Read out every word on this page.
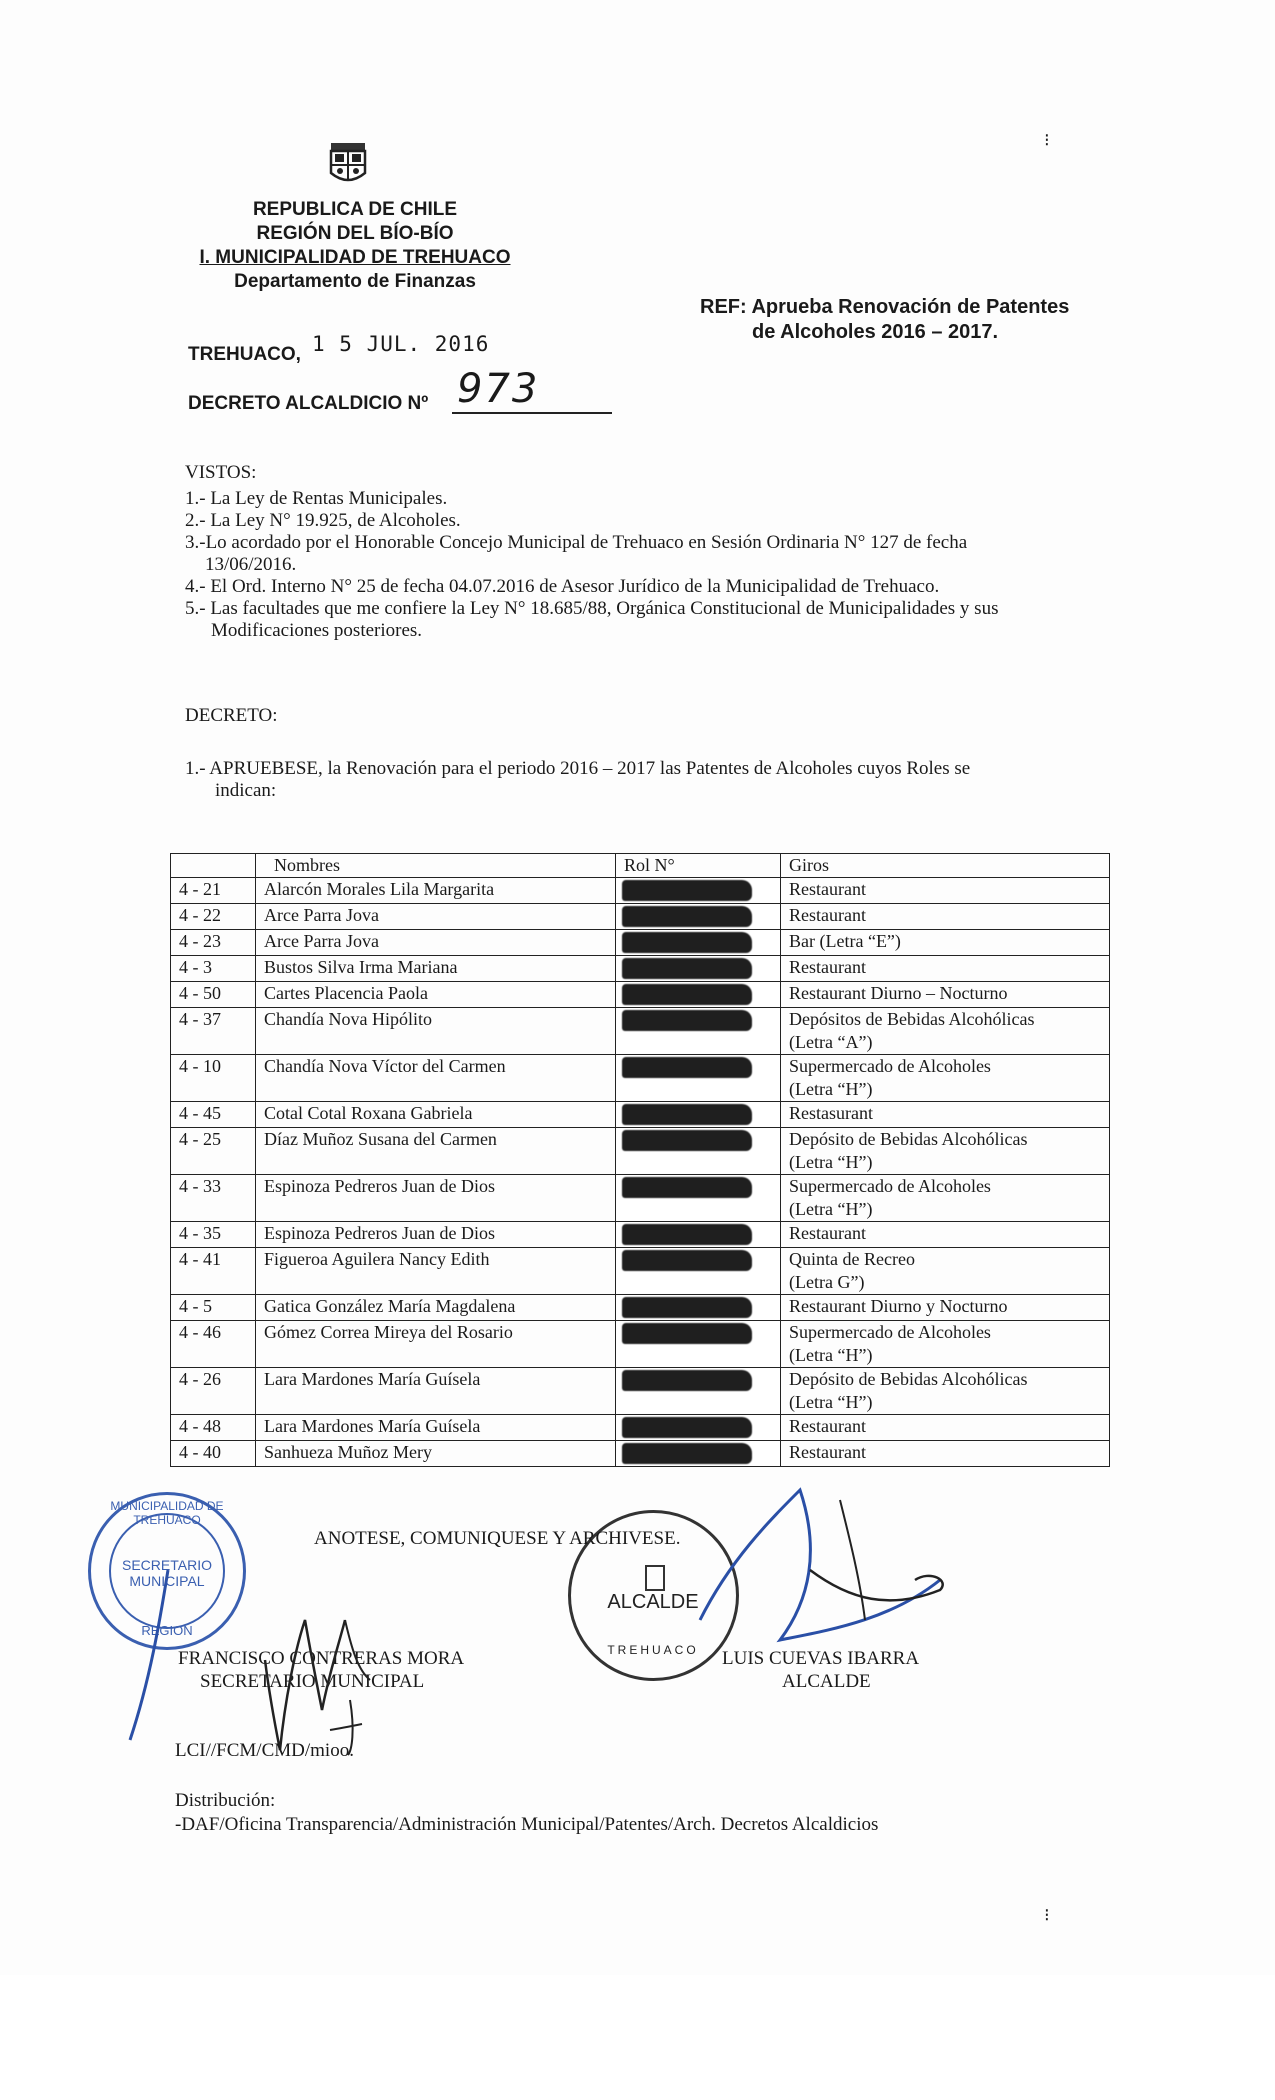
REPUBLICA DE CHILE
REGIÓN DEL BÍO-BÍO
I. MUNICIPALIDAD DE TREHUACO
Departamento de Finanzas
REF: Aprueba Renovación de Patentes
de Alcoholes 2016 – 2017.
TREHUACO, 1 5 JUL. 2016
DECRETO ALCALDICIO Nº 973
VISTOS:
1.- La Ley de Rentas Municipales.
2.- La Ley N° 19.925, de Alcoholes.
3.-Lo acordado por el Honorable Concejo Municipal de Trehuaco en Sesión Ordinaria N° 127 de fecha
13/06/2016.
4.- El Ord. Interno N° 25 de fecha 04.07.2016 de Asesor Jurídico de la Municipalidad de Trehuaco.
5.- Las facultades que me confiere la Ley N° 18.685/88, Orgánica Constitucional de Municipalidades y sus
Modificaciones posteriores.
DECRETO:
1.- APRUEBESE, la Renovación para el periodo 2016 – 2017 las Patentes de Alcoholes cuyos Roles se
indican:
	Nombres	Rol N°	Giros
4 - 21	Alarcón Morales Lila Margarita		Restaurant

4 - 22	Arce Parra Jova		Restaurant

4 - 23	Arce Parra Jova		Bar (Letra “E”)

4 - 3	Bustos Silva Irma Mariana		Restaurant

4 - 50	Cartes Placencia Paola		Restaurant Diurno – Nocturno

4 - 37	Chandía Nova Hipólito		Depósitos de Bebidas Alcohólicas
(Letra “A”)

4 - 10	Chandía Nova Víctor del Carmen		Supermercado de Alcoholes
(Letra “H”)

4 - 45	Cotal Cotal Roxana Gabriela		Restasurant

4 - 25	Díaz Muñoz Susana del Carmen		Depósito de Bebidas Alcohólicas
(Letra “H”)

4 - 33	Espinoza Pedreros Juan de Dios		Supermercado de Alcoholes
(Letra “H”)

4 - 35	Espinoza Pedreros Juan de Dios		Restaurant

4 - 41	Figueroa Aguilera Nancy Edith		Quinta de Recreo
(Letra G”)

4 - 5	Gatica González María Magdalena		Restaurant Diurno y Nocturno

4 - 46	Gómez Correa Mireya del Rosario		Supermercado de Alcoholes
(Letra “H”)

4 - 26	Lara Mardones María Guísela		Depósito de Bebidas Alcohólicas
(Letra “H”)

4 - 48	Lara Mardones María Guísela		Restaurant

4 - 40	Sanhueza Muñoz Mery		Restaurant
MUNICIPALIDAD DE TREHUACO
SECRETARIO
MUNICIPAL
REGION
ALCALDE
TREHUACO
ANOTESE, COMUNIQUESE Y ARCHIVESE.
FRANCISCO CONTRERAS MORA
SECRETARIO MUNICIPAL
LUIS CUEVAS IBARRA
ALCALDE
LCI//FCM/CMD/mioo.
Distribución:
-DAF/Oficina Transparencia/Administración Municipal/Patentes/Arch. Decretos Alcaldicios
⁝
⁝
